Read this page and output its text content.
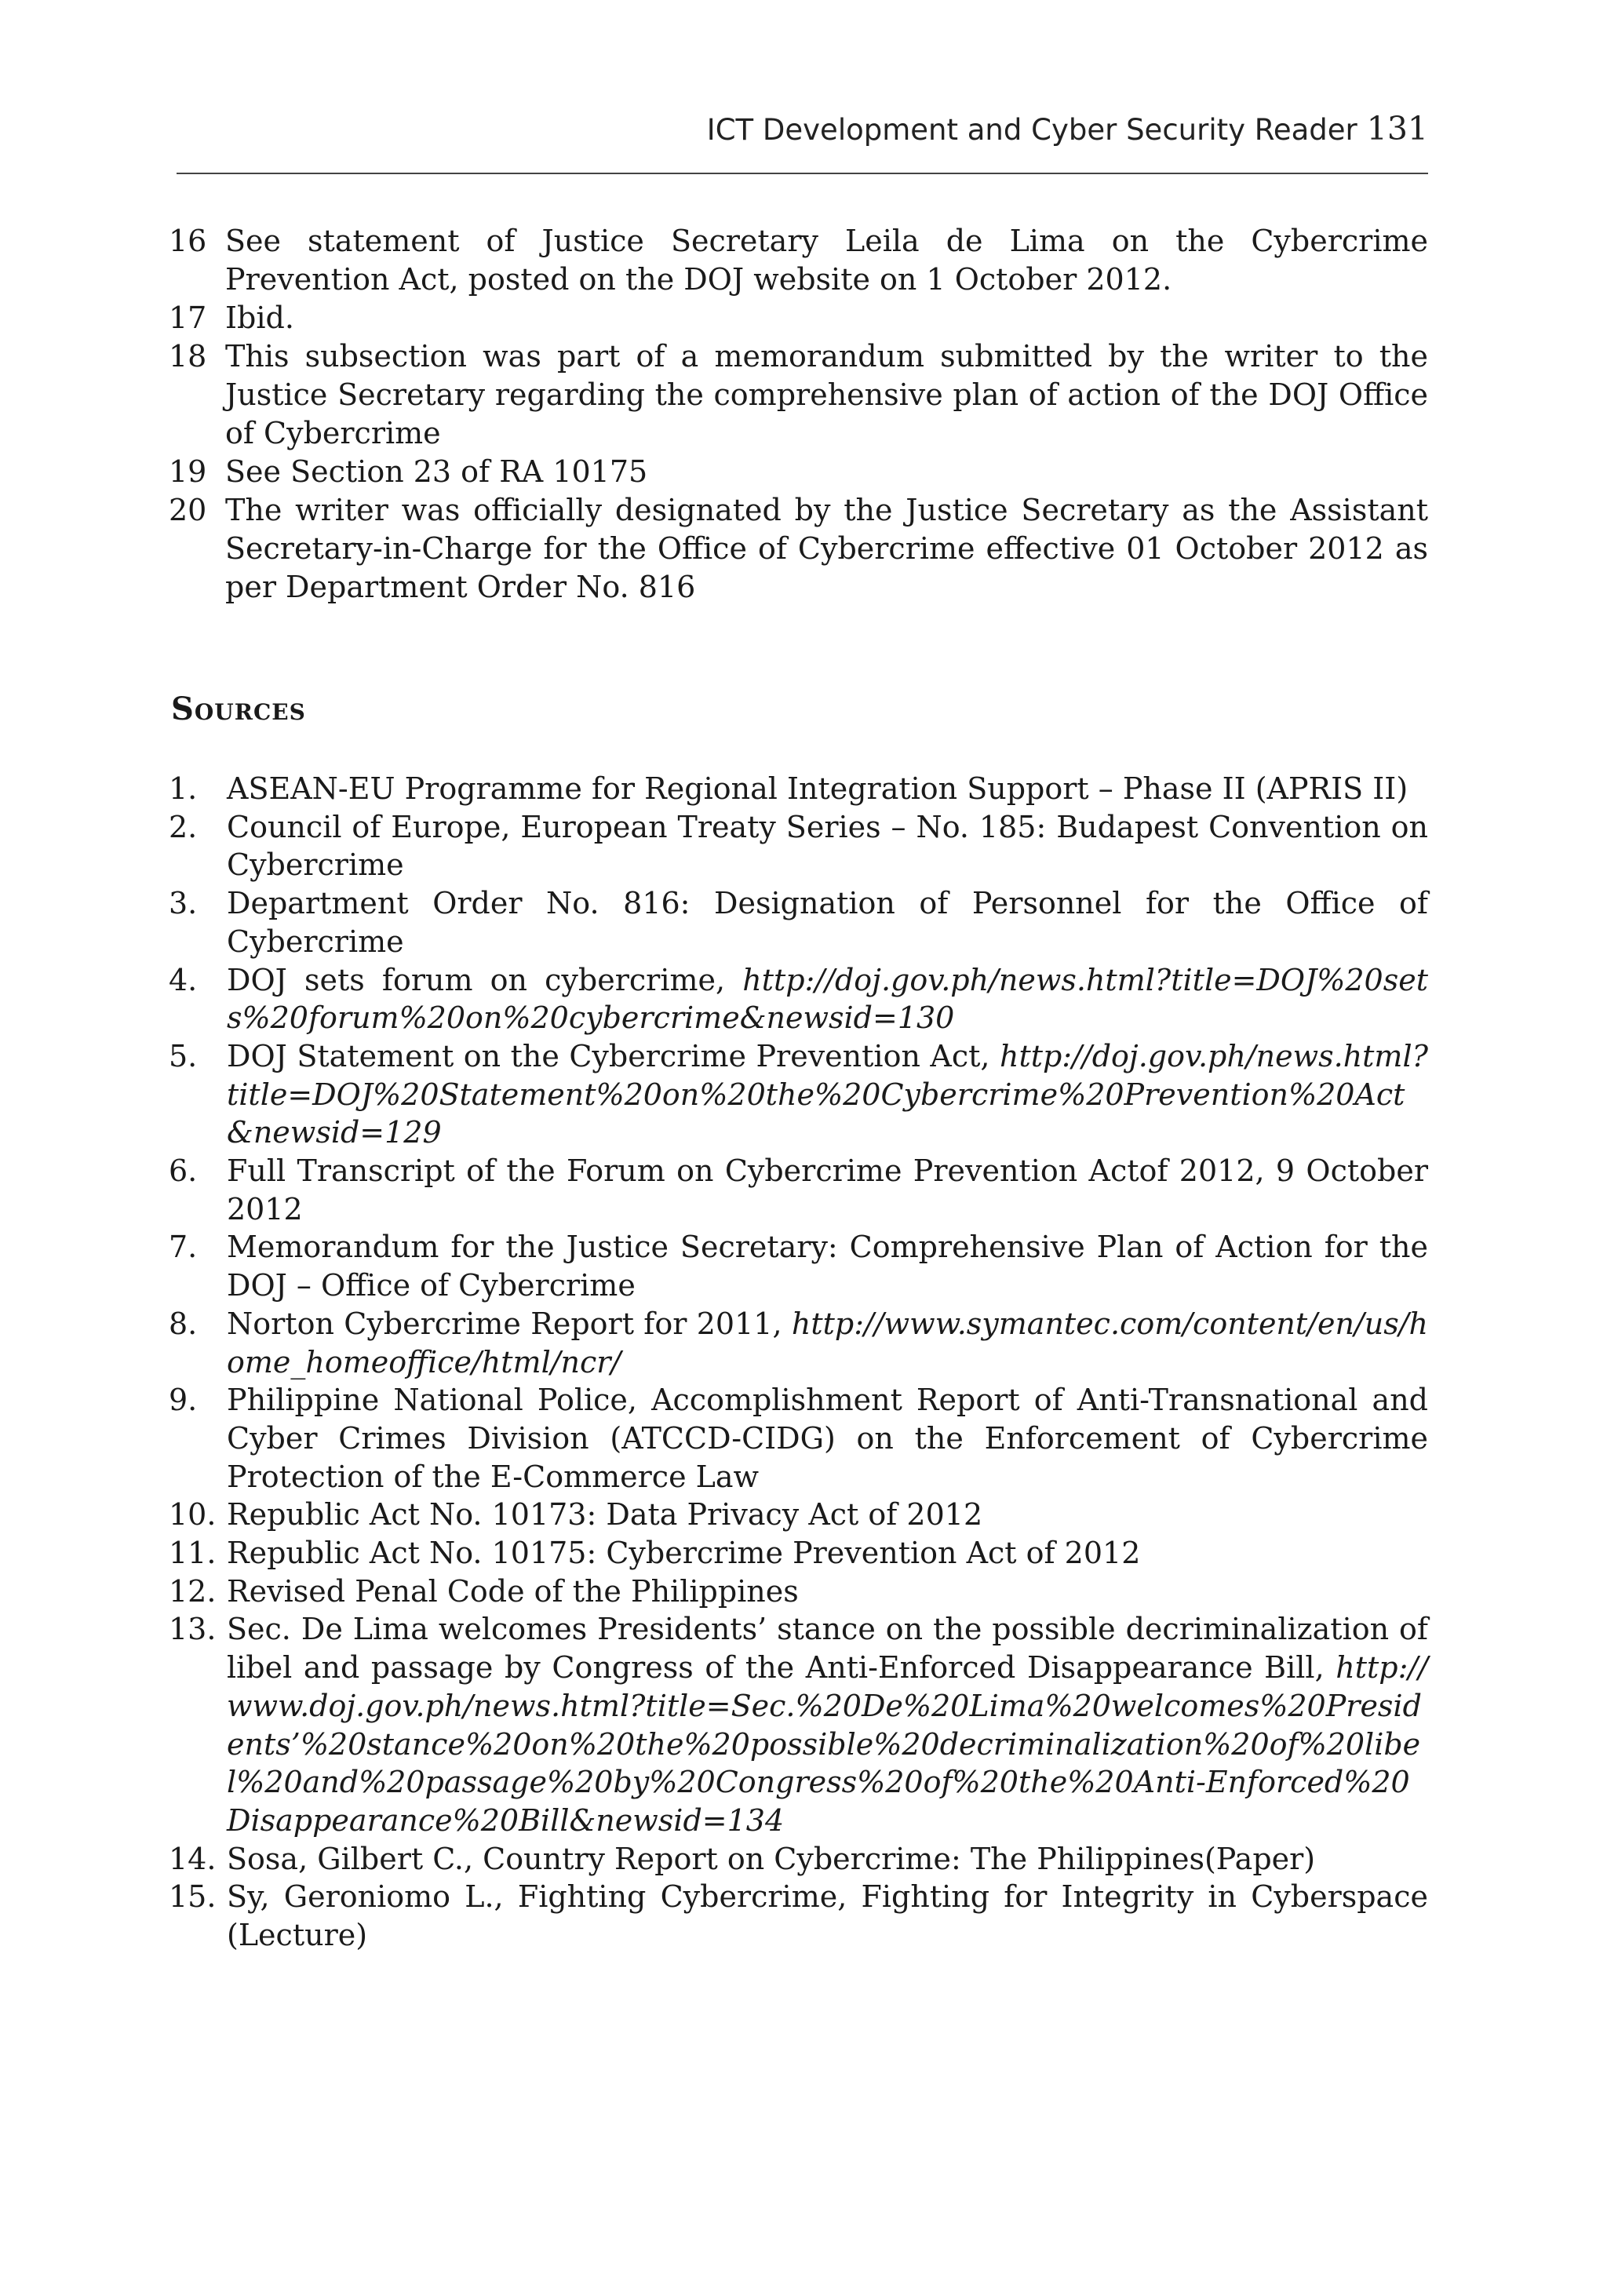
ICT Development and Cyber Security Reader 131
16 See statement of Justice Secretary Leila de Lima on the Cybercrime Prevention Act, posted on the DOJ website on 1 October 2012.
17 Ibid.
18 This subsection was part of a memorandum submitted by the writer to the Justice Secretary regarding the comprehensive plan of action of the DOJ Office of Cybercrime
19 See Section 23 of RA 10175
20 The writer was officially designated by the Justice Secretary as the Assistant Secretary-in-Charge for the Office of Cybercrime effective 01 October 2012 as per Department Order No. 816
Sources
1. ASEAN-EU Programme for Regional Integration Support – Phase II (APRIS II)
2. Council of Europe, European Treaty Series – No. 185: Budapest Convention on Cybercrime
3. Department Order No. 816: Designation of Personnel for the Office of Cybercrime
4. DOJ sets forum on cybercrime, http://doj.gov.ph/news.html?title=DOJ%20sets%20forum%20on%20cybercrime&newsid=130
5. DOJ Statement on the Cybercrime Prevention Act, http://doj.gov.ph/news.html?title=DOJ%20Statement%20on%20the%20Cybercrime%20Prevention%20Act&newsid=129
6. Full Transcript of the Forum on Cybercrime Prevention Actof 2012, 9 October 2012
7. Memorandum for the Justice Secretary: Comprehensive Plan of Action for the DOJ – Office of Cybercrime
8. Norton Cybercrime Report for 2011, http://www.symantec.com/content/en/us/home_homeoffice/html/ncr/
9. Philippine National Police, Accomplishment Report of Anti-Transnational and Cyber Crimes Division (ATCCD-CIDG) on the Enforcement of Cybercrime Protection of the E-Commerce Law
10. Republic Act No. 10173: Data Privacy Act of 2012
11. Republic Act No. 10175: Cybercrime Prevention Act of 2012
12. Revised Penal Code of the Philippines
13. Sec. De Lima welcomes Presidents’ stance on the possible decriminalization of libel and passage by Congress of the Anti-Enforced Disappearance Bill, http://www.doj.gov.ph/news.html?title=Sec.%20De%20Lima%20welcomes%20Presidents’%20stance%20on%20the%20possible%20decriminalization%20of%20libel%20and%20passage%20by%20Congress%20of%20the%20Anti-Enforced%20Disappearance%20Bill&newsid=134
14. Sosa, Gilbert C., Country Report on Cybercrime: The Philippines(Paper)
15. Sy, Geroniomo L., Fighting Cybercrime, Fighting for Integrity in Cyberspace (Lecture)
